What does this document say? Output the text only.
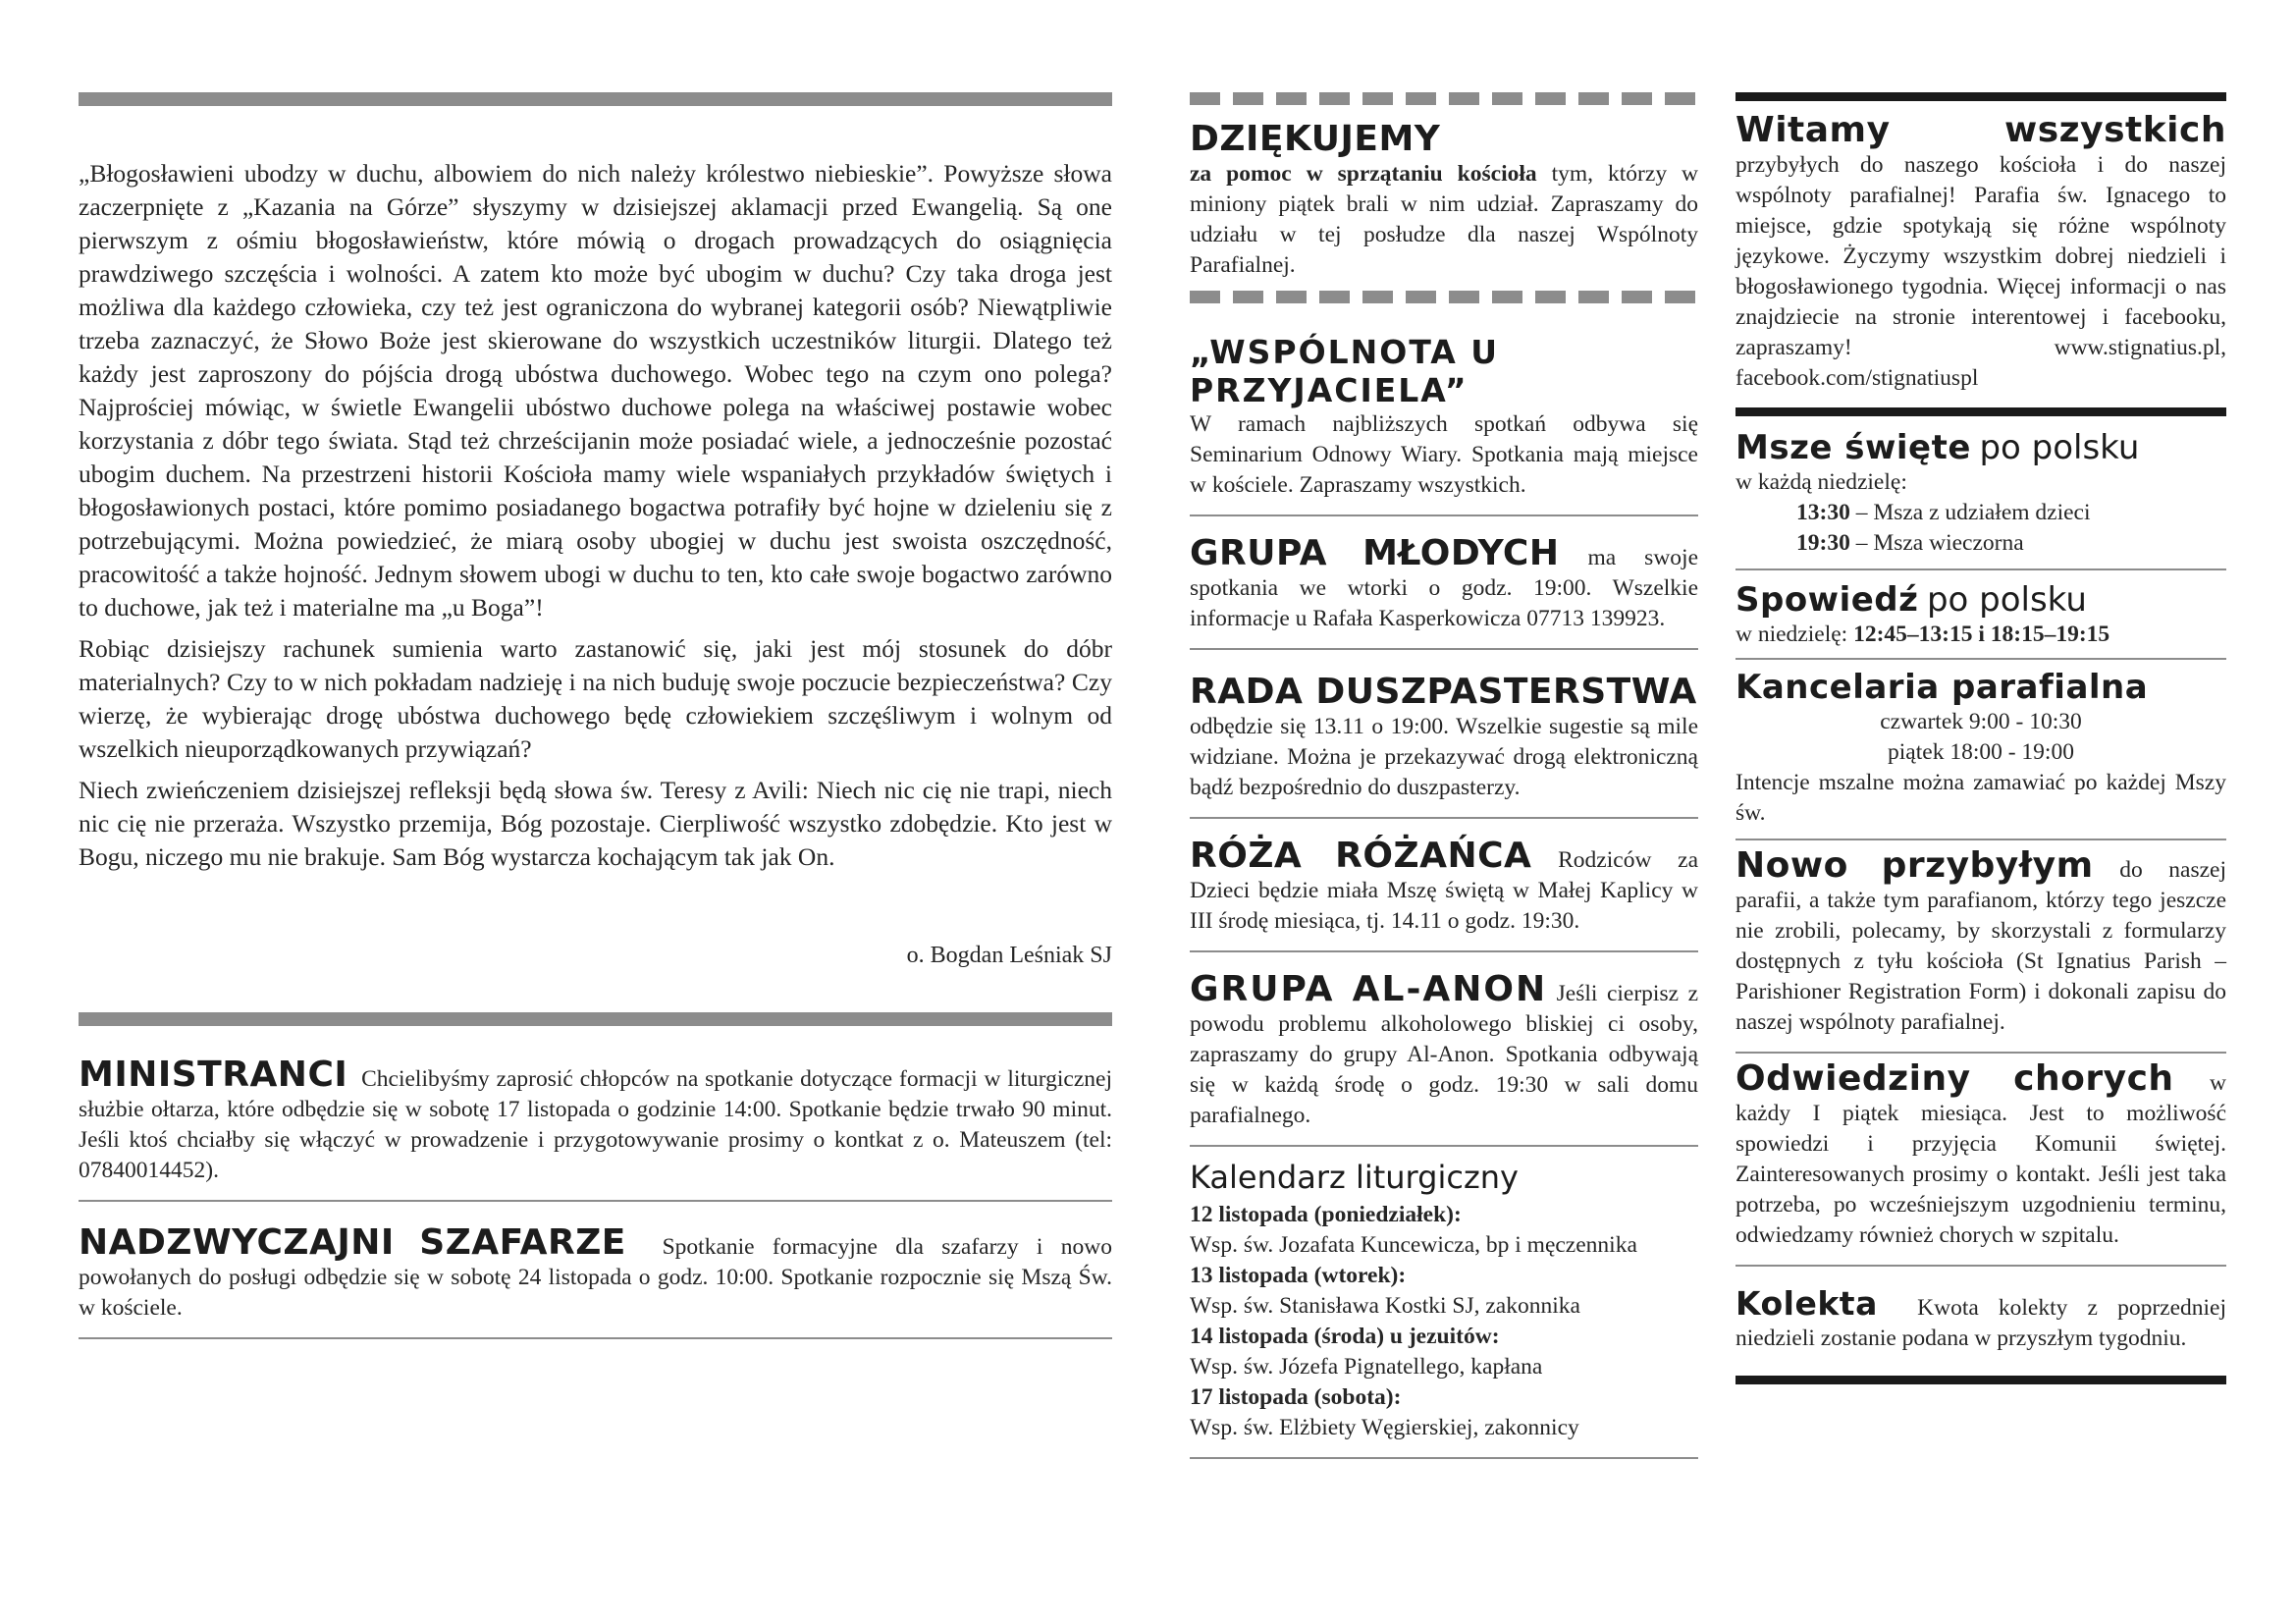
„Błogosławieni ubodzy w duchu, albowiem do nich należy królestwo niebieskie”. Powyższe słowa zaczerpnięte z „Kazania na Górze” słyszymy w dzisiejszej aklamacji przed Ewangelią. Są one pierwszym z ośmiu błogosławieństw, które mówią o drogach prowadzących do osiągnięcia prawdziwego szczęścia i wolności. A zatem kto może być ubogim w duchu? Czy taka droga jest możliwa dla każdego człowieka, czy też jest ograniczona do wybranej kategorii osób? Niewątpliwie trzeba zaznaczyć, że Słowo Boże jest skierowane do wszystkich uczestników liturgii. Dlatego też każdy jest zaproszony do pójścia drogą ubóstwa duchowego. Wobec tego na czym ono polega? Najprościej mówiąc, w świetle Ewangelii ubóstwo duchowe polega na właściwej postawie wobec korzystania z dóbr tego świata. Stąd też chrześcijanin może posiadać wiele, a jednocześnie pozostać ubogim duchem. Na przestrzeni historii Kościoła mamy wiele wspaniałych przykładów świętych i błogosławionych postaci, które pomimo posiadanego bogactwa potrafiły być hojne w dzieleniu się z potrzebującymi. Można powiedzieć, że miarą osoby ubogiej w duchu jest swoista oszczędność, pracowitość a także hojność. Jednym słowem ubogi w duchu to ten, kto całe swoje bogactwo zarówno to duchowe, jak też i materialne ma „u Boga”!

Robiąc dzisiejszy rachunek sumienia warto zastanowić się, jaki jest mój stosunek do dóbr materialnych? Czy to w nich pokładam nadzieję i na nich buduję swoje poczucie bezpieczeństwa? Czy wierzę, że wybierając drogę ubóstwa duchowego będę człowiekiem szczęśliwym i wolnym od wszelkich nieuporządkowanych przywiązań?

Niech zwieńczeniem dzisiejszej refleksji będą słowa św. Teresy z Avili: Niech nic cię nie trapi, niech nic cię nie przeraża. Wszystko przemija, Bóg pozostaje. Cierpliwość wszystko zdobędzie. Kto jest w Bogu, niczego mu nie brakuje. Sam Bóg wystarcza kochającym tak jak On.

o. Bogdan Leśniak SJ

MINISTRANCI Chcielibyśmy zaprosić chłopców na spotkanie dotyczące formacji w liturgicznej służbie ołtarza, które odbędzie się w sobotę 17 listopada o godzinie 14:00. Spotkanie będzie trwało 90 minut. Jeśli ktoś chciałby się włączyć w prowadzenie i przygotowywanie prosimy o kontkat z o. Mateuszem (tel: 07840014452).

NADZWYCZAJNI SZAFARZE Spotkanie formacyjne dla szafarzy i nowo powołanych do posługi odbędzie się w sobotę 24 listopada o godz. 10:00. Spotkanie rozpocznie się Mszą Św. w kościele.

DZIĘKUJEMY

za pomoc w sprzątaniu kościoła tym, którzy w miniony piątek brali w nim udział. Zapraszamy do udziału w tej posłudze dla naszej Wspólnoty Parafialnej.

„WSPÓLNOTA U PRZYJACIELA”

W ramach najbliższych spotkań odbywa się Seminarium Odnowy Wiary. Spotkania mają miejsce w kościele. Zapraszamy wszystkich.

GRUPA MŁODYCH ma swoje spotkania we wtorki o godz. 19:00. Wszelkie informacje u Rafała Kasperkowicza 07713 139923.

RADA DUSZPASTERSTWA

odbędzie się 13.11 o 19:00. Wszelkie sugestie są mile widziane. Można je przekazywać drogą elektroniczną bądź bezpośrednio do duszpasterzy.

RÓŻA RÓŻAŃCA Rodziców za Dzieci będzie miała Mszę świętą w Małej Kaplicy w III środę miesiąca, tj. 14.11 o godz. 19:30.

GRUPA AL-ANON Jeśli cierpisz z powodu problemu alkoholowego bliskiej ci osoby, zapraszamy do grupy Al-Anon. Spotkania odbywają się w każdą środę o godz. 19:30 w sali domu parafialnego.

Kalendarz liturgiczny
12 listopada (poniedziałek):
Wsp. św. Jozafata Kuncewicza, bp i męczennika
13 listopada (wtorek):
Wsp. św. Stanisława Kostki SJ, zakonnika
14 listopada (środa) u jezuitów:
Wsp. św. Józefa Pignatellego, kapłana
17 listopada (sobota):
Wsp. św. Elżbiety Węgierskiej, zakonnicy

Witamy wszystkich przybyłych do naszego kościoła i do naszej wspólnoty parafialnej! Parafia św. Ignacego to miejsce, gdzie spotykają się różne wspólnoty językowe. Życzymy wszystkim dobrej niedzieli i błogosławionego tygodnia. Więcej informacji o nas znajdziecie na stronie interentowej i facebooku, zapraszamy! www.stignatius.pl, facebook.com/stignatiuspl

Msze święte po polsku
w każdą niedzielę:
13:30 – Msza z udziałem dzieci
19:30 – Msza wieczorna
Spowiedź po polsku
w niedzielę: 12:45–13:15 i 18:15–19:15
Kancelaria parafialna
czwartek 9:00 - 10:30
piątek 18:00 - 19:00

Intencje mszalne można zamawiać po każdej Mszy św.

Nowo przybyłym do naszej parafii, a także tym parafianom, którzy tego jeszcze nie zrobili, polecamy, by skorzystali z formularzy dostępnych z tyłu kościoła (St Ignatius Parish – Parishioner Registration Form) i dokonali zapisu do naszej wspólnoty parafialnej.

Odwiedziny chorych w każdy I piątek miesiąca. Jest to możliwość spowiedzi i przyjęcia Komunii świętej. Zainteresowanych prosimy o kontakt. Jeśli jest taka potrzeba, po wcześniejszym uzgodnieniu terminu, odwiedzamy również chorych w szpitalu.

Kolekta Kwota kolekty z poprzedniej niedzieli zostanie podana w przyszłym tygodniu.
